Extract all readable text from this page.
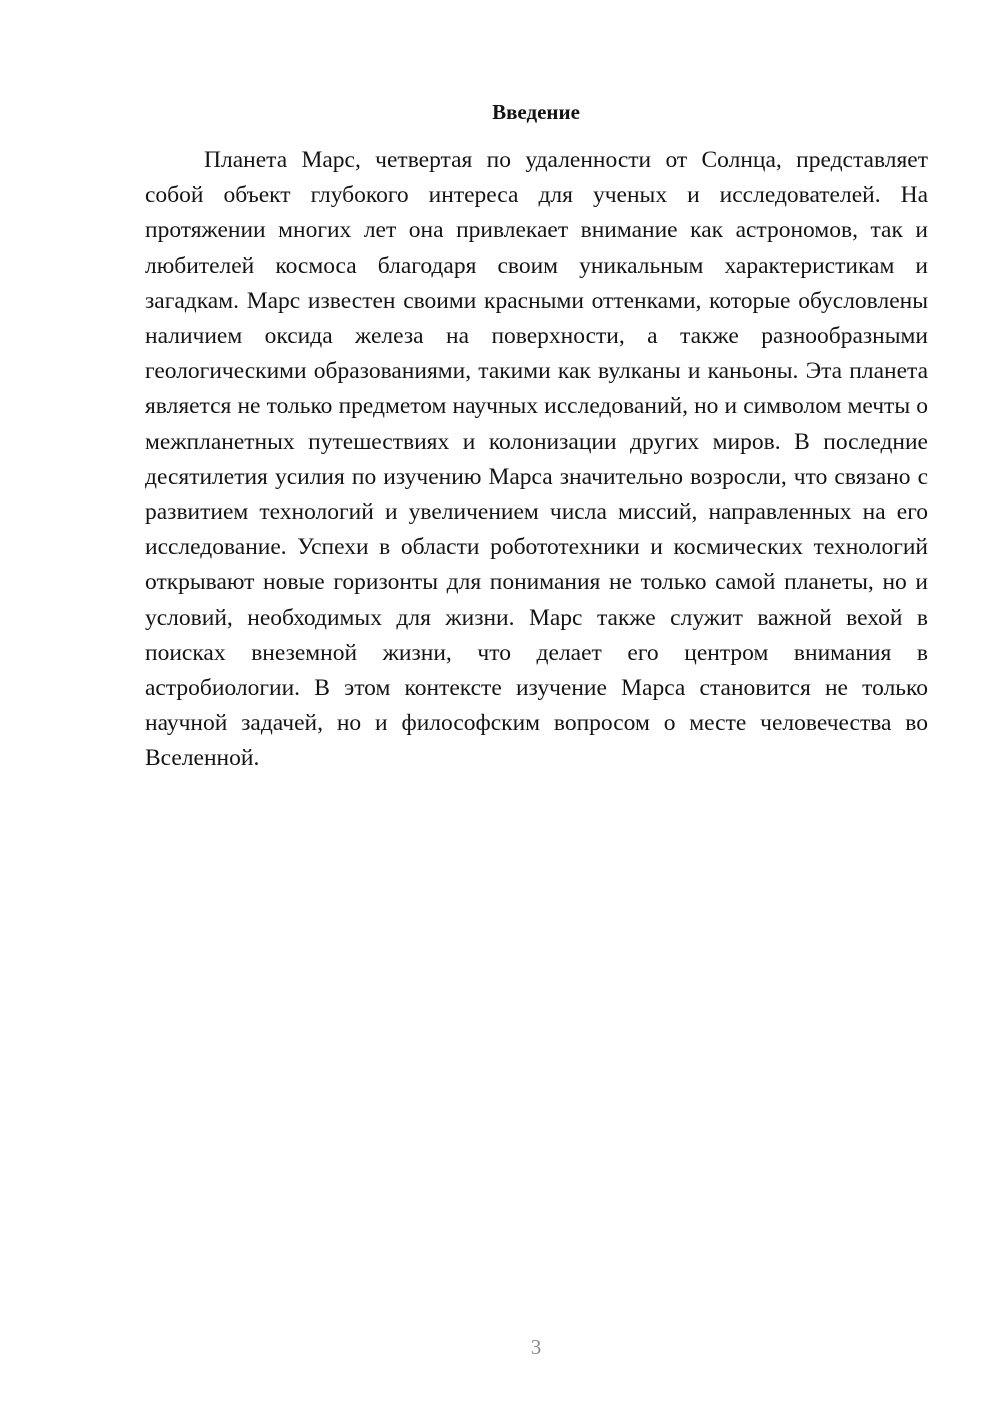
Введение

Планета Марс, четвертая по удаленности от Солнца, представляет собой объект глубокого интереса для ученых и исследователей. На протяжении многих лет она привлекает внимание как астрономов, так и любителей космоса благодаря своим уникальным характеристикам и загадкам. Марс известен своими красными оттенками, которые обусловлены наличием оксида железа на поверхности, а также разнообразными геологическими образованиями, такими как вулканы и каньоны. Эта планета является не только предметом научных исследований, но и символом мечты о межпланетных путешествиях и колонизации других миров. В последние десятилетия усилия по изучению Марса значительно возросли, что связано с развитием технологий и увеличением числа миссий, направленных на его исследование. Успехи в области робототехники и космических технологий открывают новые горизонты для понимания не только самой планеты, но и условий, необходимых для жизни. Марс также служит важной вехой в поисках внеземной жизни, что делает его центром внимания в астробиологии. В этом контексте изучение Марса становится не только научной задачей, но и философским вопросом о месте человечества во Вселенной.

3
